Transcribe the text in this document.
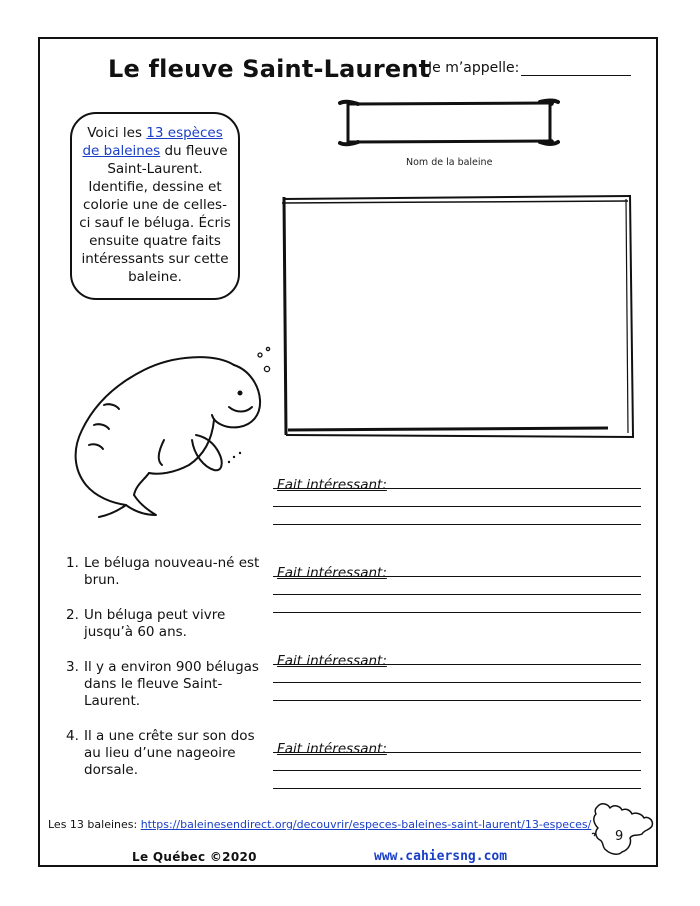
Le fleuve Saint-Laurent
Je m’appelle:
Voici les 13 espèces de baleines du fleuve Saint-Laurent. Identifie, dessine et colorie une de celles-ci sauf le béluga. Écris ensuite quatre faits intéressants sur cette baleine.
Nom de la baleine
1. Le béluga nouveau-né est brun.
2. Un béluga peut vivre jusqu’à 60 ans.
3. Il y a environ 900 bélugas dans le fleuve Saint-Laurent.
4. Il a une crête sur son dos au lieu d’une nageoire dorsale.
Fait intéressant:
Fait intéressant:
Fait intéressant:
Fait intéressant:
Les 13 baleines: https://baleinesendirect.org/decouvrir/especes-baleines-saint-laurent/13-especes/
9
Le Québec ©2020	www.cahiersng.com
